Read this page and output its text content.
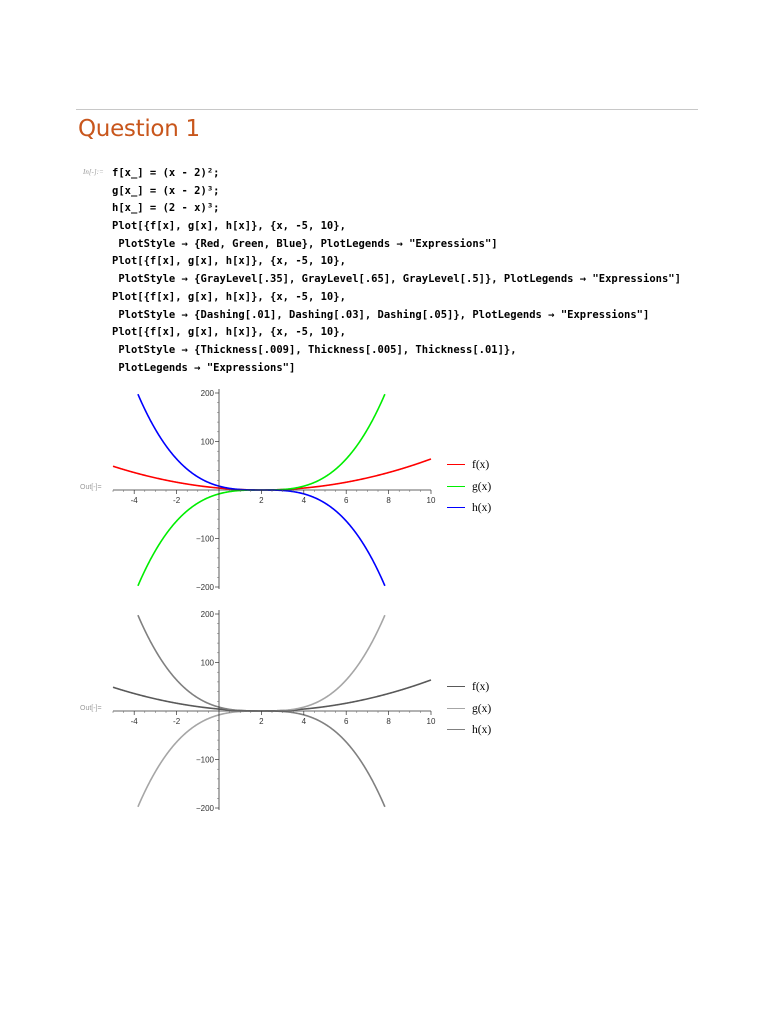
Question 1
In[-]:= f[x_] = (x - 2)²;
g[x_] = (x - 2)³;
h[x_] = (2 - x)³;
Plot[{f[x], g[x], h[x]}, {x, -5, 10},
PlotStyle → {Red, Green, Blue}, PlotLegends → "Expressions"]
Plot[{f[x], g[x], h[x]}, {x, -5, 10},
PlotStyle → {GrayLevel[.35], GrayLevel[.65], GrayLevel[.5]}, PlotLegends → "Expressions"]
Plot[{f[x], g[x], h[x]}, {x, -5, 10},
PlotStyle → {Dashing[.01], Dashing[.03], Dashing[.05]}, PlotLegends → "Expressions"]
Plot[{f[x], g[x], h[x]}, {x, -5, 10},
PlotStyle → {Thickness[.009], Thickness[.005], Thickness[.01]},
PlotLegends → "Expressions"]
Out[-]=
-4	-2	2	4	6	8	10
−200
−100
100
200
f(x)
g(x)
h(x)
Out[-]=
-4	-2	2	4	6	8	10
−200
−100
100
200
f(x)
g(x)
h(x)
